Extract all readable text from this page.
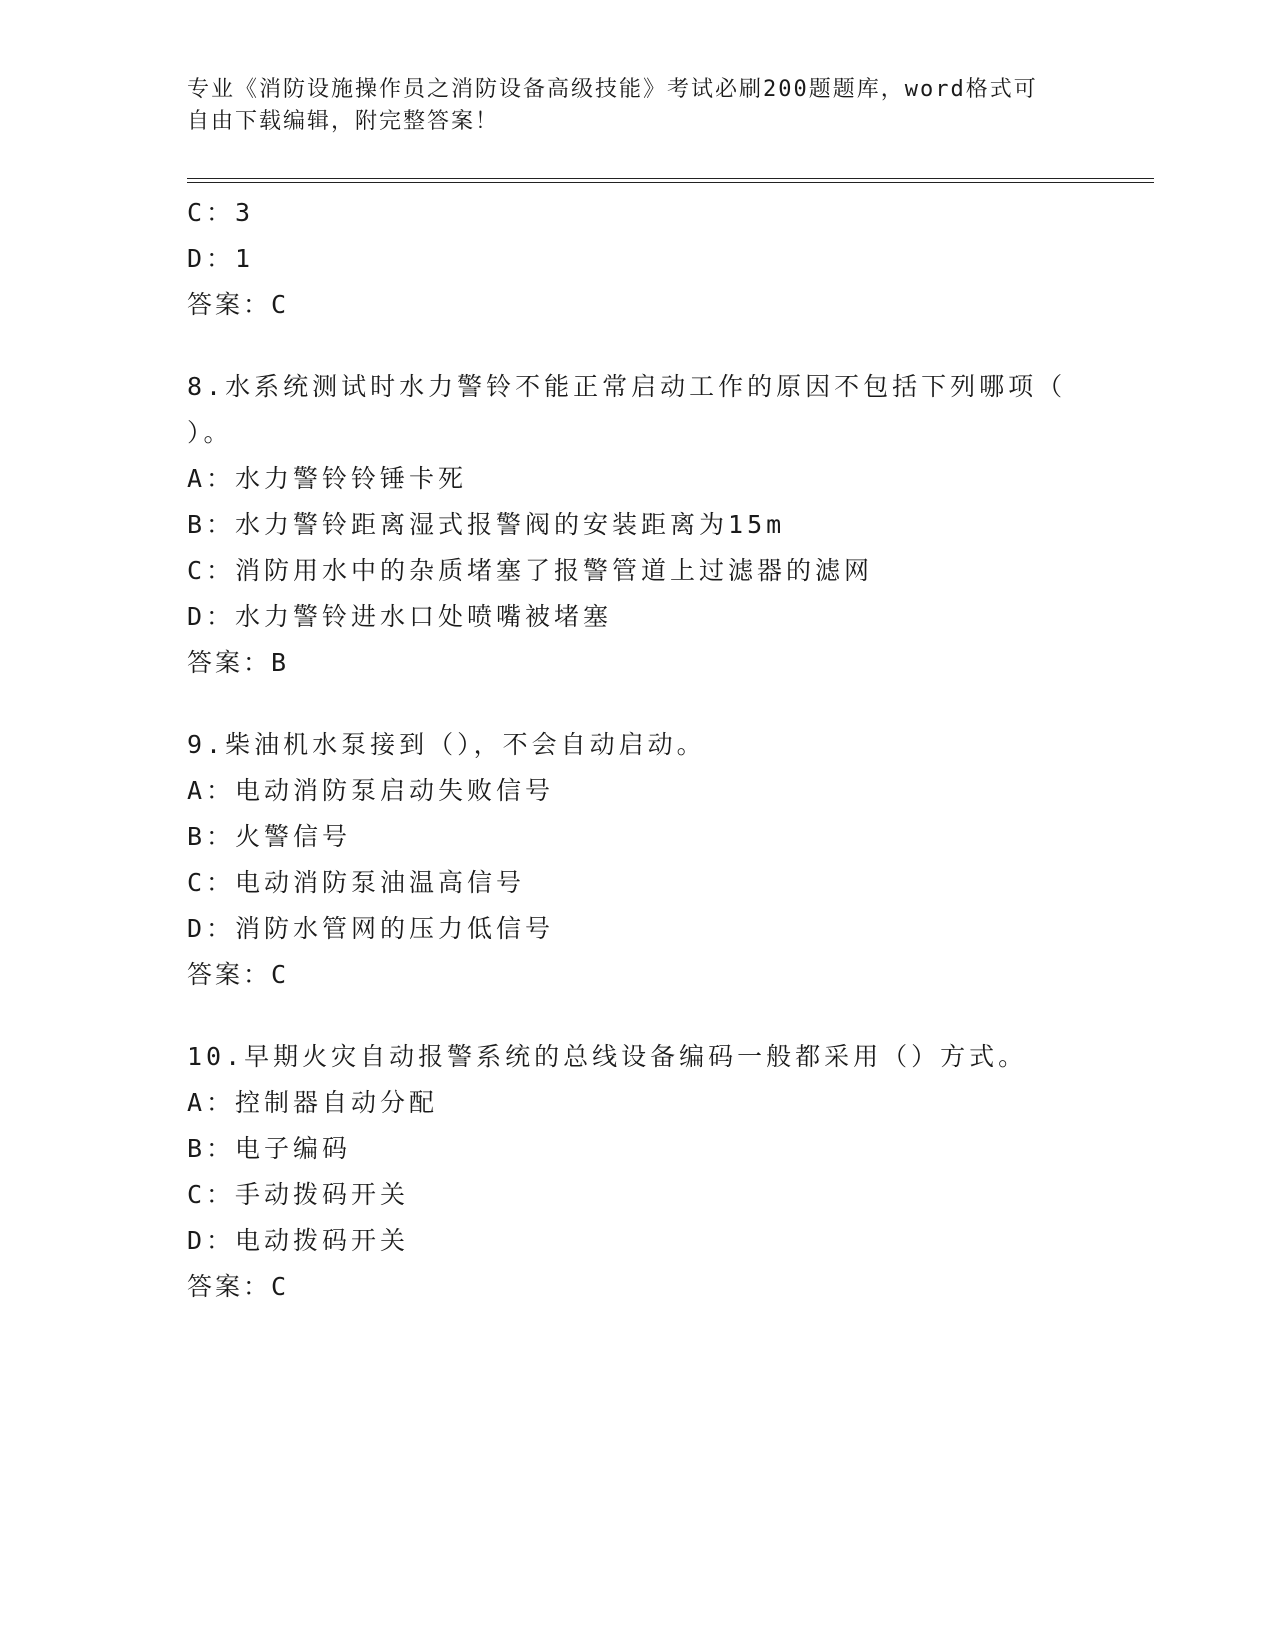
专业《消防设施操作员之消防设备高级技能》考试必刷200题题库，word格式可
自由下载编辑，附完整答案！
C：3
D：1
答案：C
8.水系统测试时水力警铃不能正常启动工作的原因不包括下列哪项（
）。
A：水力警铃铃锤卡死
B：水力警铃距离湿式报警阀的安装距离为15m
C：消防用水中的杂质堵塞了报警管道上过滤器的滤网
D：水力警铃进水口处喷嘴被堵塞
答案：B
9.柴油机水泵接到（），不会自动启动。
A：电动消防泵启动失败信号
B：火警信号
C：电动消防泵油温高信号
D：消防水管网的压力低信号
答案：C
10.早期火灾自动报警系统的总线设备编码一般都采用（）方式。
A：控制器自动分配
B：电子编码
C：手动拨码开关
D：电动拨码开关
答案：C
